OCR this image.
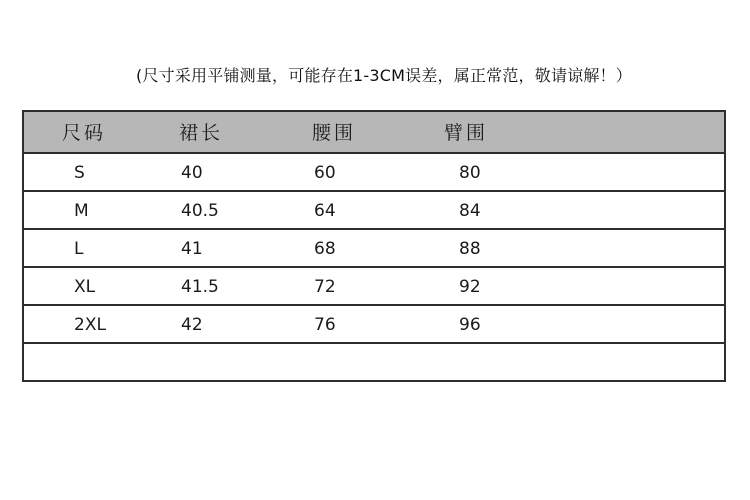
(尺寸采用平铺测量，可能存在1-3CM误差，属正常范，敬请谅解！）
尺码	裙长	腰围	臂围
S	40	60	80
M	40.5	64	84
L	41	68	88
XL	41.5	72	92
2XL	42	76	96
